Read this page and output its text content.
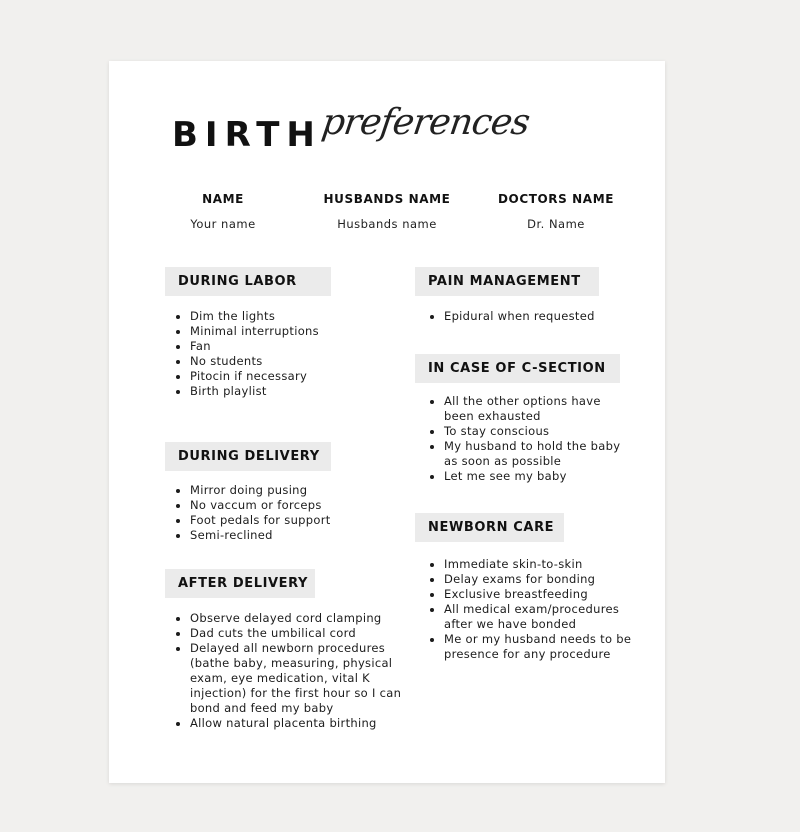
BIRTH
preferences
NAME
Your name
HUSBANDS NAME
Husbands name
DOCTORS NAME
Dr. Name
DURING LABOR
• Dim the lights
• Minimal interruptions
• Fan
• No students
• Pitocin if necessary
• Birth playlist
DURING DELIVERY
• Mirror doing pusing
• No vaccum or forceps
• Foot pedals for support
• Semi-reclined
AFTER DELIVERY
• Observe delayed cord clamping
• Dad cuts the umbilical cord
• Delayed all newborn procedures (bathe baby, measuring, physical exam, eye medication, vital K injection) for the first hour so I can bond and feed my baby
• Allow natural placenta birthing
PAIN MANAGEMENT
• Epidural when requested
IN CASE OF C-SECTION
• All the other options have been exhausted
• To stay conscious
• My husband to hold the baby as soon as possible
• Let me see my baby
NEWBORN CARE
• Immediate skin-to-skin
• Delay exams for bonding
• Exclusive breastfeeding
• All medical exam/procedures after we have bonded
• Me or my husband needs to be presence for any procedure
